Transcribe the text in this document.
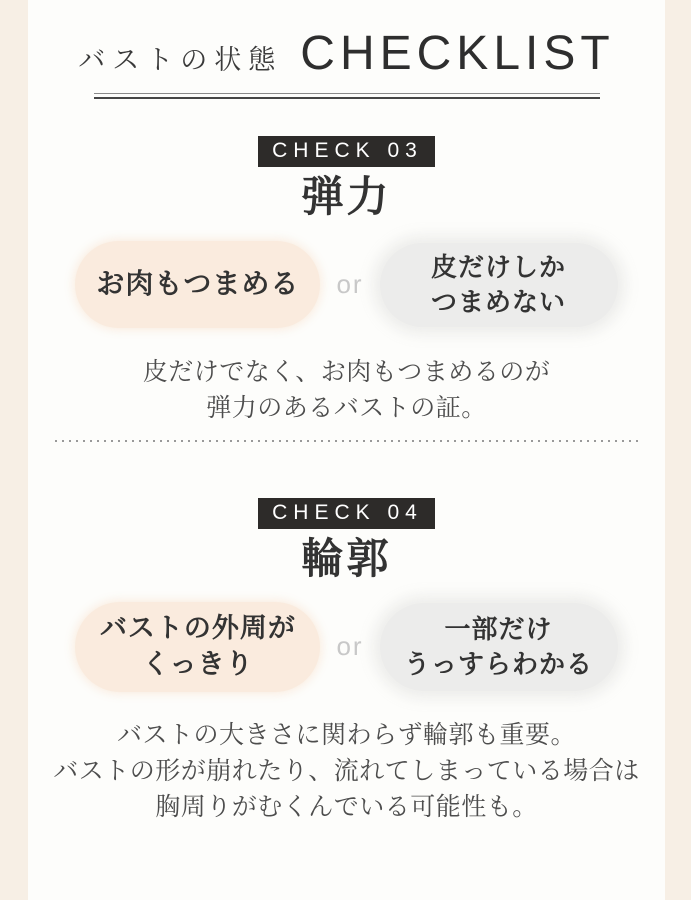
バストの状態 CHECKLIST
CHECK 03
弾力
お肉もつまめる or
皮だけしか
つまめない
皮だけでなく、お肉もつまめるのが
弾力のあるバストの証。
CHECK 04
輪郭
バストの外周が
くっきり
or
一部だけ
うっすらわかる
バストの大きさに関わらず輪郭も重要。
バストの形が崩れたり、流れてしまっている場合は
胸周りがむくんでいる可能性も。
